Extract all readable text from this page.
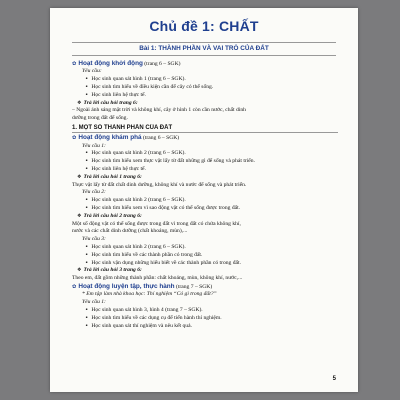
Chủ đề 1: CHẤT
Bài 1: THÀNH PHẦN VÀ VAI TRÒ CỦA ĐẤT
✿ Hoạt động khởi động (trang 6 – SGK)
Yêu cầu:
• Học sinh quan sát hình 1 (trang 6 – SGK).
• Học sinh tìm hiểu về điều kiện cần để cây có thể sống.
• Học sinh liên hệ thực tế.
❖ Trả lời câu hỏi trang 6:
– Ngoài ánh sáng mặt trời và không khí, cây ở hình 1 còn cần nước, chất dinh
dưỡng trong đất để sống.
1. MỘT SỐ THÀNH PHẦN CỦA ĐẤT
✿ Hoạt động khám phá (trang 6 – SGK)
Yêu cầu 1:
• Học sinh quan sát hình 2 (trang 6 – SGK).
• Học sinh tìm hiểu xem thực vật lấy từ đất những gì để sống và phát triển.
• Học sinh liên hệ thực tế.
❖ Trả lời câu hỏi 1 trang 6:
Thực vật lấy từ đất chất dinh dưỡng, không khí và nước để sống và phát triển.
Yêu cầu 2:
• Học sinh quan sát hình 2 (trang 6 – SGK).
• Học sinh tìm hiểu xem vì sao động vật có thể sống được trong đất.
❖ Trả lời câu hỏi 2 trang 6:
Một số động vật có thể sống được trong đất vì trong đất có chứa không khí,
nước và các chất dinh dưỡng (chất khoáng, mùn),...
Yêu cầu 3:
• Học sinh quan sát hình 2 (trang 6 – SGK).
• Học sinh tìm hiểu về các thành phần có trong đất.
• Học sinh vận dụng những hiểu biết về các thành phần có trong đất.
❖ Trả lời câu hỏi 3 trang 6:
Theo em, đất gồm những thành phần: chất khoáng, mùn, không khí, nước,...
✿ Hoạt động luyện tập, thực hành (trang 7 – SGK)
* Em tập làm nhà khoa học: Thí nghiệm “Có gì trong đất?”
Yêu cầu 1:
• Học sinh quan sát hình 3, hình 4 (trang 7 – SGK).
• Học sinh tìm hiểu về các dụng cụ để tiến hành thí nghiệm.
• Học sinh quan sát thí nghiệm và nêu kết quả.
5
